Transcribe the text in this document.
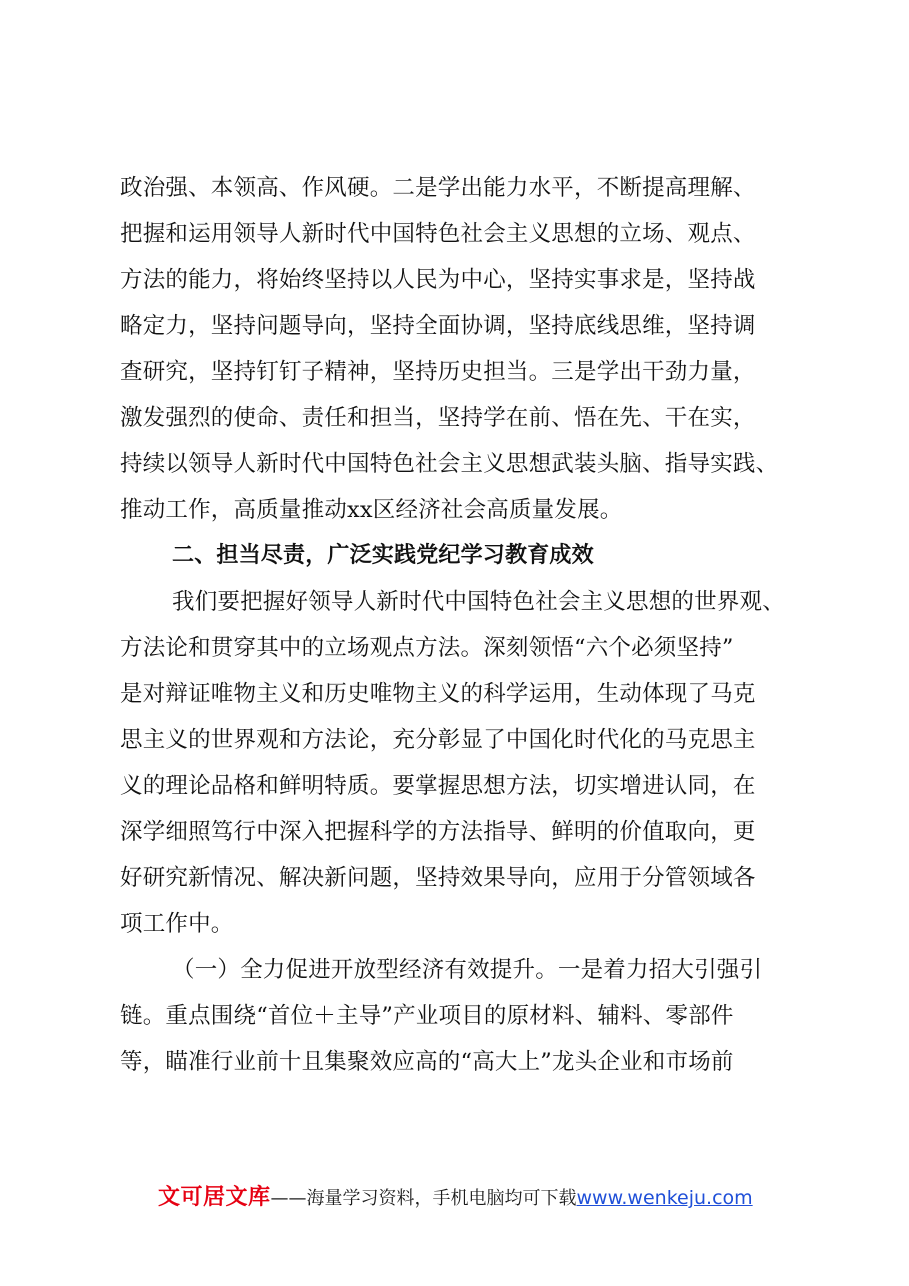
政治强、本领高、作风硬。二是学出能力水平，不断提高理解、
把握和运用领导人新时代中国特色社会主义思想的立场、观点、
方法的能力，将始终坚持以人民为中心，坚持实事求是，坚持战
略定力，坚持问题导向，坚持全面协调，坚持底线思维，坚持调
查研究，坚持钉钉子精神，坚持历史担当。三是学出干劲力量，
激发强烈的使命、责任和担当，坚持学在前、悟在先、干在实，
持续以领导人新时代中国特色社会主义思想武装头脑、指导实践、
推动工作，高质量推动xx区经济社会高质量发展。
二、担当尽责，广泛实践党纪学习教育成效
我们要把握好领导人新时代中国特色社会主义思想的世界观、
方法论和贯穿其中的立场观点方法。深刻领悟“六个必须坚持”
是对辩证唯物主义和历史唯物主义的科学运用，生动体现了马克
思主义的世界观和方法论，充分彰显了中国化时代化的马克思主
义的理论品格和鲜明特质。要掌握思想方法，切实增进认同，在
深学细照笃行中深入把握科学的方法指导、鲜明的价值取向，更
好研究新情况、解决新问题，坚持效果导向，应用于分管领域各
项工作中。
（一）全力促进开放型经济有效提升。一是着力招大引强引
链。重点围绕“首位＋主导”产业项目的原材料、辅料、零部件
等，瞄准行业前十且集聚效应高的“高大上”龙头企业和市场前
文可居文库——海量学习资料，手机电脑均可下载www.wenkeju.com
